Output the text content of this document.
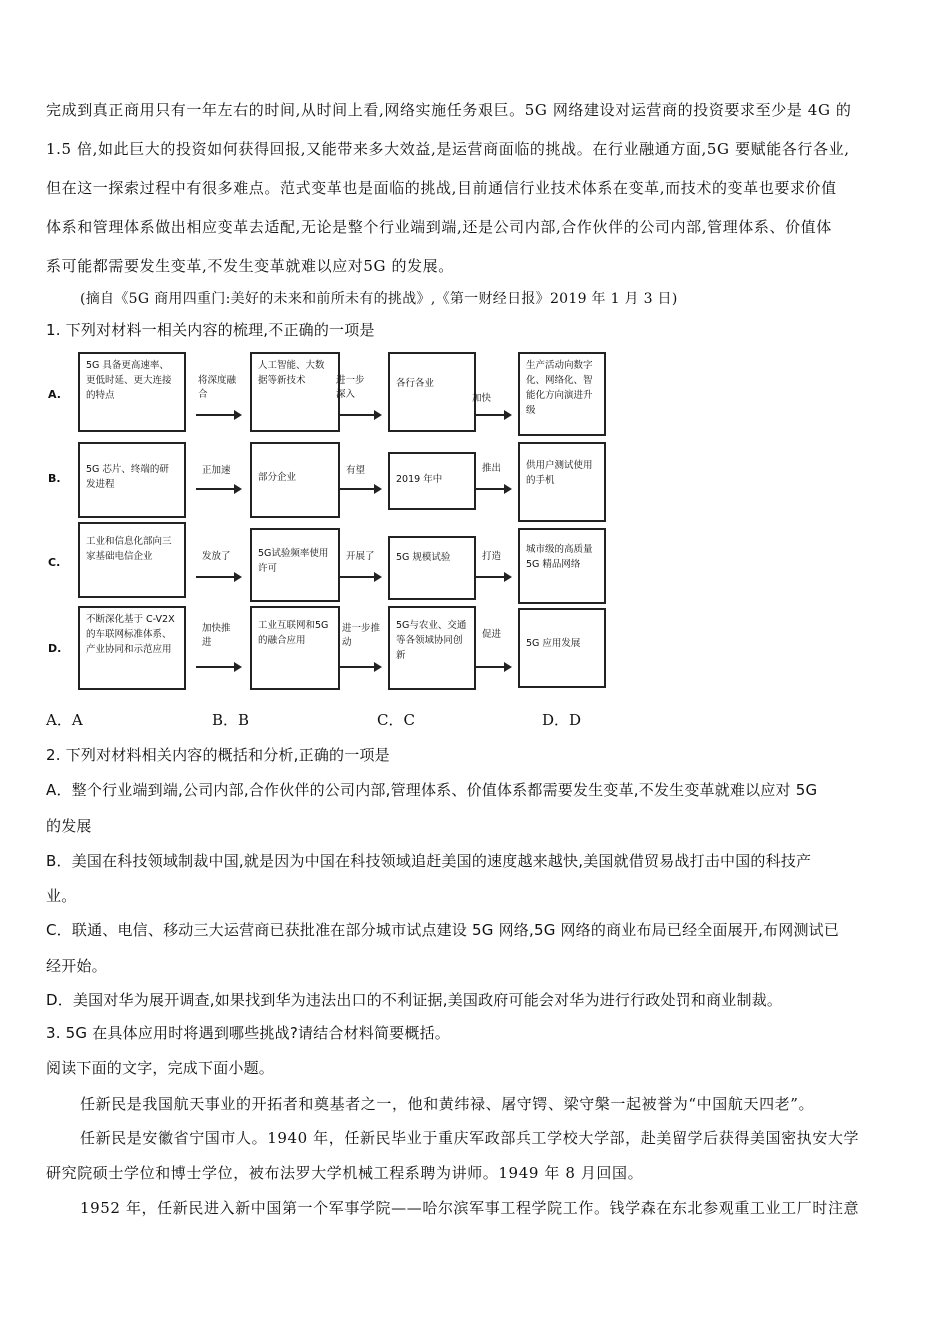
完成到真正商用只有一年左右的时间,从时间上看,网络实施任务艰巨。5G 网络建设对运营商的投资要求至少是 4G 的
1.5 倍,如此巨大的投资如何获得回报,又能带来多大效益,是运营商面临的挑战。在行业融通方面,5G 要赋能各行各业,
但在这一探索过程中有很多难点。范式变革也是面临的挑战,目前通信行业技术体系在变革,而技术的变革也要求价值
体系和管理体系做出相应变革去适配,无论是整个行业端到端,还是公司内部,合作伙伴的公司内部,管理体系、价值体
系可能都需要发生变革,不发生变革就难以应对5G 的发展。
(摘自《5G 商用四重门:美好的未来和前所未有的挑战》,《第一财经日报》2019 年 1 月 3 日)
1. 下列对材料一相关内容的梳理,不正确的一项是
A.
5G 具备更高速率、更低时延、更大连接的特点
将深度融合
人工智能、大数据等新技术	进一步深入
各行各业
加快
生产活动向数字化、网络化、智能化方向演进升级
B.
5G 芯片、终端的研发进程
正加速
部分企业
有望
2019 年中
推出	供用户测试使用的手机
C.
工业和信息化部向三家基础电信企业	发放了	5G试验频率使用许可
开展了	5G 规模试验	打造
城市级的高质量 5G 精品网络
D.
不断深化基于 C-V2X 的车联网标准体系、产业协同和示范应用
加快推进
工业互联网和5G的融合应用
进一步推动
5G与农业、交通等各领域协同创新
促进
5G 应用发展
A．A	B．B	C．C	D．D
2. 下列对材料相关内容的概括和分析,正确的一项是
A．整个行业端到端,公司内部,合作伙伴的公司内部,管理体系、价值体系都需要发生变革,不发生变革就难以应对 5G
的发展
B．美国在科技领域制裁中国,就是因为中国在科技领域追赶美国的速度越来越快,美国就借贸易战打击中国的科技产
业。
C．联通、电信、移动三大运营商已获批准在部分城市试点建设 5G 网络,5G 网络的商业布局已经全面展开,布网测试已
经开始。
D．美国对华为展开调查,如果找到华为违法出口的不利证据,美国政府可能会对华为进行行政处罚和商业制裁。
3. 5G 在具体应用时将遇到哪些挑战?请结合材料简要概括。
阅读下面的文字，完成下面小题。
任新民是我国航天事业的开拓者和奠基者之一，他和黄纬禄、屠守锷、梁守槃一起被誉为“中国航天四老”。
任新民是安徽省宁国市人。1940 年，任新民毕业于重庆军政部兵工学校大学部，赴美留学后获得美国密执安大学
研究院硕士学位和博士学位，被布法罗大学机械工程系聘为讲师。1949 年 8 月回国。
1952 年，任新民进入新中国第一个军事学院——哈尔滨军事工程学院工作。钱学森在东北参观重工业工厂时注意
